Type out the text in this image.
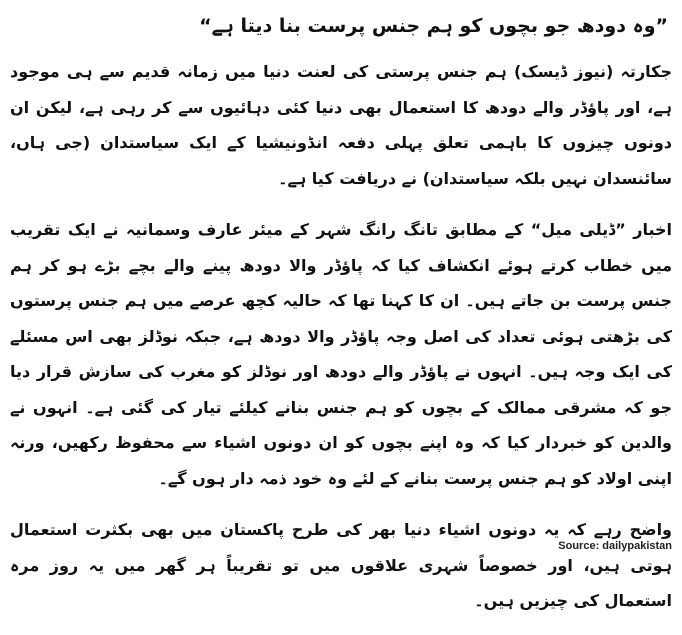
”وہ دودھ جو بچوں کو ہم جنس پرست بنا دیتا ہے“

جکارتہ (نیوز ڈیسک) ہم جنس پرستی کی لعنت دنیا میں زمانہ قدیم سے ہی موجود ہے، اور پاؤڈر والے دودھ کا استعمال بھی دنیا کئی دہائیوں سے کر رہی ہے، لیکن ان دونوں چیزوں کا باہمی تعلق پہلی دفعہ انڈونیشیا کے ایک سیاستدان (جی ہاں، سائنسدان نہیں بلکہ سیاستدان) نے دریافت کیا ہے۔

اخبار ”ڈیلی میل“ کے مطابق تانگ رانگ شہر کے میئر عارف وسمانیہ نے ایک تقریب میں خطاب کرتے ہوئے انکشاف کیا کہ پاؤڈر والا دودھ پینے والے بچے بڑے ہو کر ہم جنس پرست بن جاتے ہیں۔ ان کا کہنا تھا کہ حالیہ کچھ عرصے میں ہم جنس پرستوں کی بڑھتی ہوئی تعداد کی اصل وجہ پاؤڈر والا دودھ ہے، جبکہ نوڈلز بھی اس مسئلے کی ایک وجہ ہیں۔ انہوں نے پاؤڈر والے دودھ اور نوڈلز کو مغرب کی سازش قرار دیا جو کہ مشرقی ممالک کے بچوں کو ہم جنس بنانے کیلئے تیار کی گئی ہے۔ انہوں نے والدین کو خبردار کیا کہ وہ اپنے بچوں کو ان دونوں اشیاء سے محفوظ رکھیں، ورنہ اپنی اولاد کو ہم جنس پرست بنانے کے لئے وہ خود ذمہ دار ہوں گے۔

واضح رہے کہ یہ دونوں اشیاء دنیا بھر کی طرح پاکستان میں بھی بکثرت استعمال ہوتی ہیں، اور خصوصاً شہری علاقوں میں تو تقریباً ہر گھر میں یہ روز مرہ استعمال کی چیزیں ہیں۔

Source: dailypakistan
